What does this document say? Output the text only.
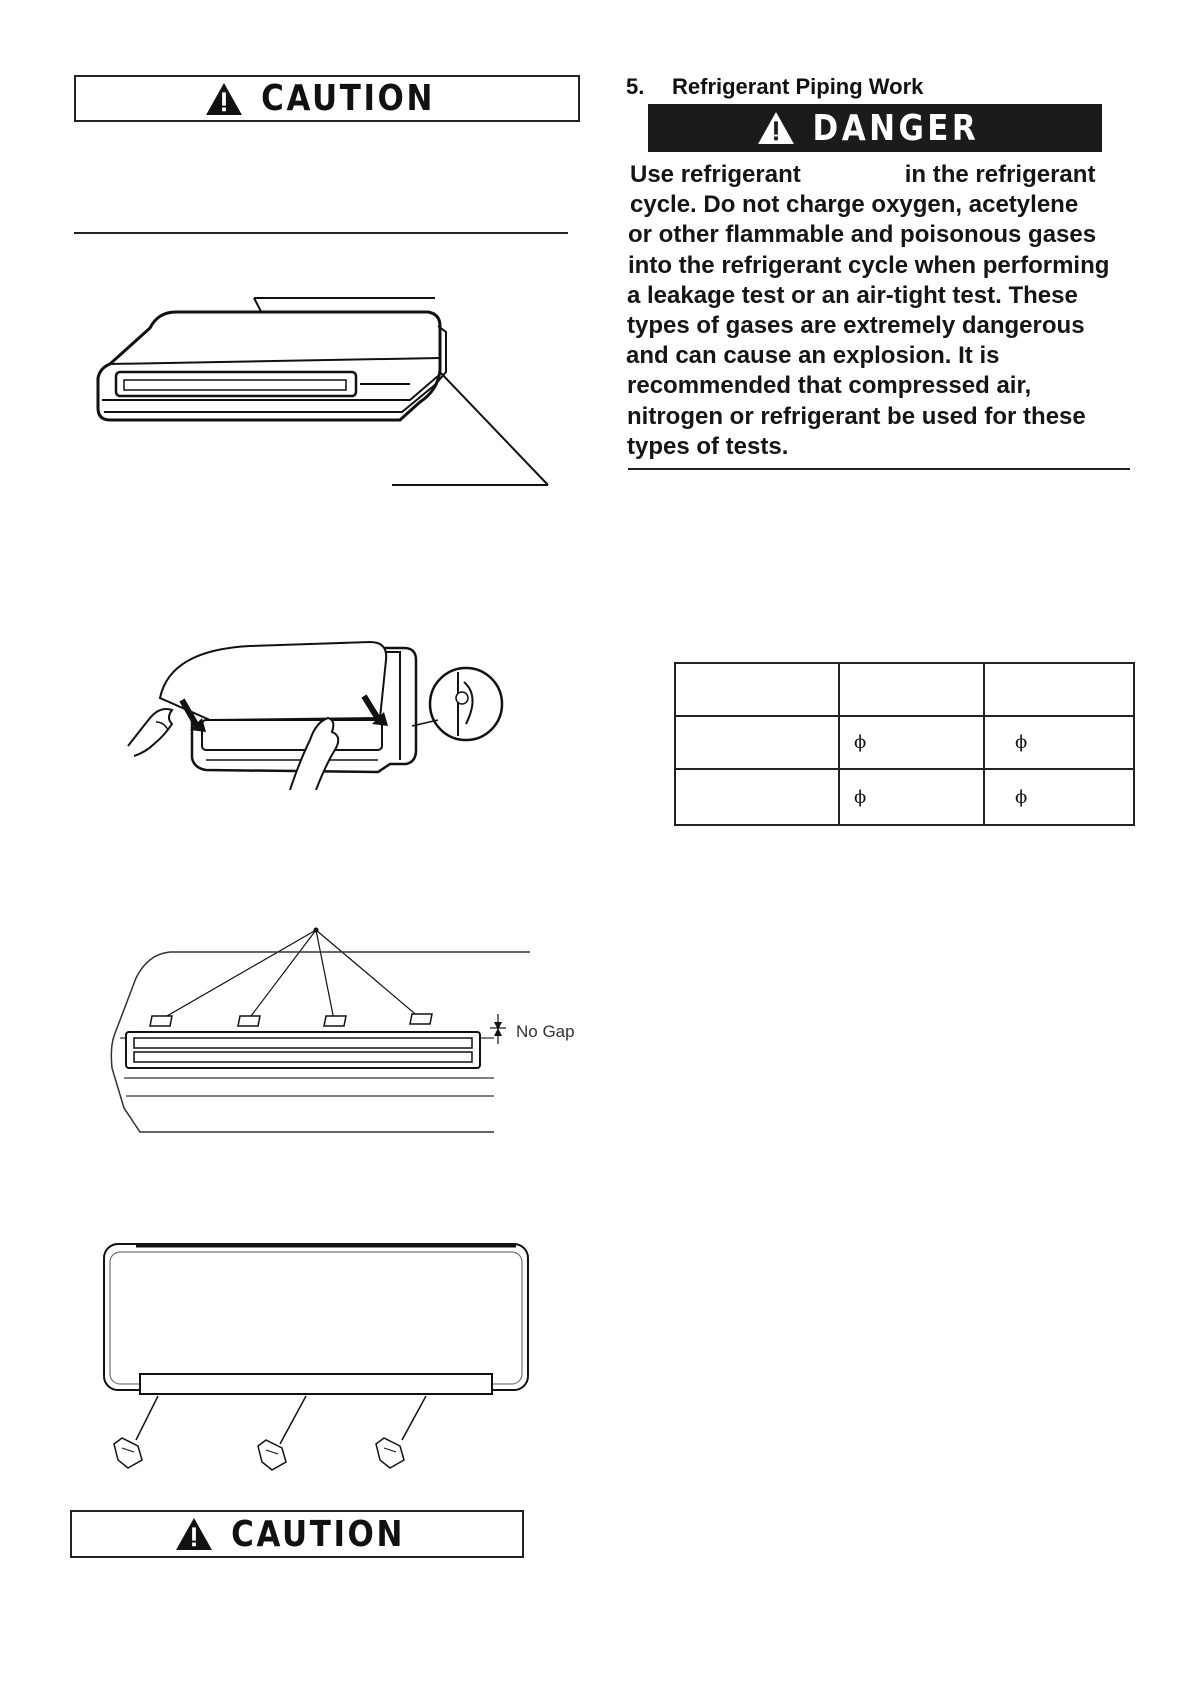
CAUTION
No Gap
CAUTION
5. Refrigerant Piping Work
DANGER
Use refrigerant	in the refrigerant
cycle. Do not charge oxygen, acetylene
or other flammable and poisonous gases
into the refrigerant cycle when performing
a leakage test or an air-tight test. These
types of gases are extremely dangerous
and can cause an explosion. It is
recommended that compressed air,
nitrogen or refrigerant be used for these
types of tests.

	ϕ	ϕ
	ϕ	ϕ
